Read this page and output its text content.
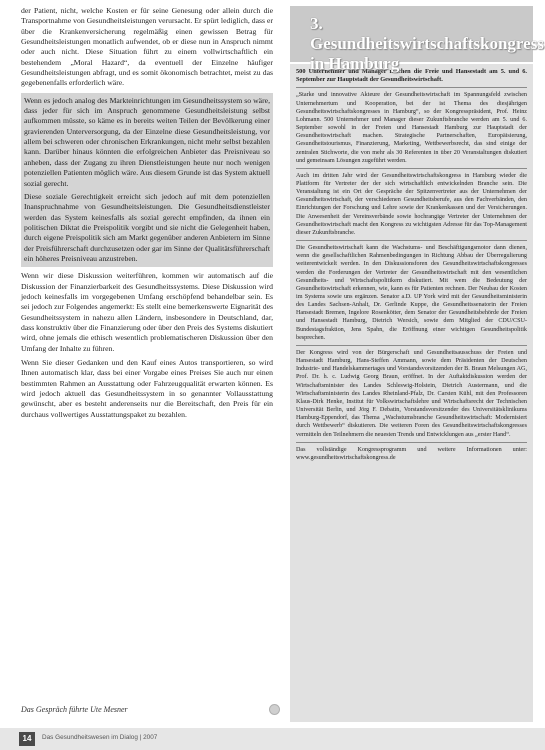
der Patient, nicht, welche Kosten er für seine Genesung oder allein durch die Transportnahme von Gesundheitsleistungen verursacht. Er spürt lediglich, dass er über die Krankenversicherung regelmäßig einen gewissen Betrag für Gesundheitsleistungen monatlich aufwendet, ob er diese nun in Anspruch nimmt oder auch nicht. Diese Situation führt zu einem vollwirtschaftlich ein bestehendem „Moral Hazard“, da eventuell der Einzelne häufiger Gesundheitsleistungen abfragt, und es somit ökonomisch betrachtet, meist zu das gegebenenfalls erforderlich wäre.

Wenn es jedoch analog des Markteinrichtungen im Gesundheitssystem so wäre, dass jeder für sich im Anspruch genommene Gesundheitsleistung selbst aufkommen müsste, so käme es in bereits weiten Teilen der Bevölkerung einer gravierenden Unterversorgung, da der Einzelne diese Gesundheitsleistung, vor allem bei schweren oder chronischen Erkrankungen, nicht mehr selbst bezahlen kann. Darüber hinaus könnten die erfolgreichen Anbieter das Preisniveau so anheben, dass der Zugang zu ihren Dienstleistungen heute nur noch wenigen potenziellen Patienten möglich wäre. Aus diesem Grunde ist das System aktuell sozial gerecht.

Diese soziale Gerechtigkeit erreicht sich jedoch auf mit dem potenziellen Inanspruchnahme von Gesundheitsleistungen. Die Gesundheitsdienstleister werden das System keinesfalls als sozial gerecht empfinden, da ihnen ein politischen Diktat die Preispolitik vorgibt und sie nicht die Gelegenheit haben, durch eigene Preispolitik sich am Markt gegenüber anderen Anbietern im Sinne der Preisführerschaft durchzusetzen oder gar im Sinne der Qualitätsführerschaft ein höheres Preisniveau anzustreben.

Wenn wir diese Diskussion weiterführen, kommen wir automatisch auf die Diskussion der Finanzierbarkeit des Gesundheitssystems. Diese Diskussion wird jedoch keinesfalls im vorgegebenen Umfang erschöpfend behandelbar sein. Es sei jedoch zur Folgendes angemerkt: Es stellt eine bemerkenswerte Eignarität des Gesundheitssystem in nahezu allen Ländern, insbesondere in Deutschland, dar, dass konstruktiv über die Finanzierung oder über den Preis des Systems diskutiert wird, ohne jemals die ethisch wesentlich problematischeren Diskussion über den Umfang der Inhalte zu führen.

Wenn Sie dieser Gedanken und den Kauf eines Autos transportieren, so wird Ihnen automatisch klar, dass bei einer Vorgabe eines Preises Sie auch nur einen bestimmten Rahmen an Ausstattung oder Fahrzeugqualität erwarten können. Es wird jedoch aktuell das Gesundheitssystem in so genannter Vollausstattung gewünscht, aber es besteht anderenseits nur die Bereitschaft, den Preis für ein durchaus vollwertiges Ausstattungspaket zu bezahlen.

Das Gespräch führte Ute Mesner
3. Gesundheitswirtschaftskongress in Hamburg

500 Unternehmer und Manager machen die Freie und Hansestadt am 5. und 6. September zur Hauptstadt der Gesundheitswirtschaft.

„Starke und innovative Akteure der Gesundheitswirtschaft im Spannungsfeld zwischen Unternehmertum und Kooperation, bei der ist Thema des diesjährigen Gesundheitswirtschaftskongresses in Hamburg“, so der Kongresspräsident, Prof. Heinz Lohmann. 500 Unternehmer und Manager dieser Zukunftsbranche werden am 5. und 6. September sowohl in der Freien und Hansestadt Hamburg zur Hauptstadt der Gesundheitswirtschaft machen. Strategische Partnerschaften, Europäisierung, Gesundheitstourismus, Finanzierung, Marketing, Wettbewerbsrecht, das sind einige der zentralen Stichworte, die von mehr als 30 Referenten in über 20 Veranstaltungen diskutiert und gemeinsam Lösungen zugeführt werden.

Auch im dritten Jahr wird der Gesundheitswirtschaftskongress in Hamburg wieder die Plattform für Vertreter der der sich wirtschaftlich entwickelnden Branche sein. Die Veranstaltung ist ein Ort der Gespräche der Spitzenvertreter aus der Unternehmen der Gesundheitswirtschaft, der verschiedenen Gesundheitsberufe, aus den Fachverbänden, den Einrichtungen der Forschung und Lehre sowie der Krankenkassen und der Versicherungen. Die Anwesenheit der Vereinsverbände sowie hochrangige Vertreter der Unternehmen der Gesundheitswirtschaft macht den Kongress zu wichtigsten Adresse für das Top-Management dieser Zukunftsbranche.

Die Gesundheitswirtschaft kann die Wachstums- und Beschäftigungsmotor dann dienen, wenn die gesellschaftlichen Rahmenbedingungen in Richtung Abbau der Überregulierung weiterentwickelt werden. In den Diskussionsforen des Gesundheitswirtschaftskongresses werden die Forderungen der Vertreter der Gesundheitswirtschaft mit den wesentlichen Gesundheits- und Wirtschaftspolitikern diskutiert. Mit wem die Bedeutung der Gesundheitswirtschaft erkennen, wie, kann es für Patienten rechnen. Der Neubau der Kosten im Systems sowie uns ergänzen. Senator a.D. UP York wird mit der Gesundheitsministerin des Landes Sachsen-Anhalt, Dr. Gerlinde Kuppe, die Gesundheitssenatorin der Freien Hansestadt Bremen, Ingelore Rosenkötter, dem Senator der Gesundheitsbehörde der Freien und Hansestadt Hamburg, Dietrich Wersich, sowie dem Mitglied der CDU/CSU-Bundestagsfraktion, Jens Spahn, die Eröffnung einer wichtigen Gesundheitspolitik besprechen.

Der Kongress wird von der Bürgerschaft und Gesundheitsausschuss der Freien und Hansestadt Hamburg, Hans-Steffen Ammann, sowie dem Präsidenten der Deutschen Industrie- und Handelskammertages und Vorstandsvorsitzenden der B. Braun Melsungen AG, Prof. Dr. h. c. Ludwig Georg Braun, eröffnet. In der Auftaktdiskussion werden der Wirtschaftsminister des Landes Schleswig-Holstein, Dietrich Austermann, und die Wirtschaftsministerin des Landes Rheinland-Pfalz, Dr. Carsten Kühl, mit den Professoren Klaus-Dirk Henke, Institut für Volkswirtschaftslehre und Wirtschaftsrecht der Technischen Universität Berlin, und Jörg F. Debatin, Vorstandsvorsitzender des Universitätsklinikums Hamburg-Eppendorf, das Thema „Wachstumsbranche Gesundheitswirtschaft: Modernisiert durch Wettbewerb“ diskutieren. Die weiteren Foren des Gesundheitswirtschaftskongresses vermitteln den Teilnehmern die neuesten Trends und Entwicklungen aus „erster Hand“.

Das vollständige Kongressprogramm und weitere Informationen unter: www.gesundheitswirtschaftskongress.de

14	Das Gesundheitswesen im Dialog | 2007
